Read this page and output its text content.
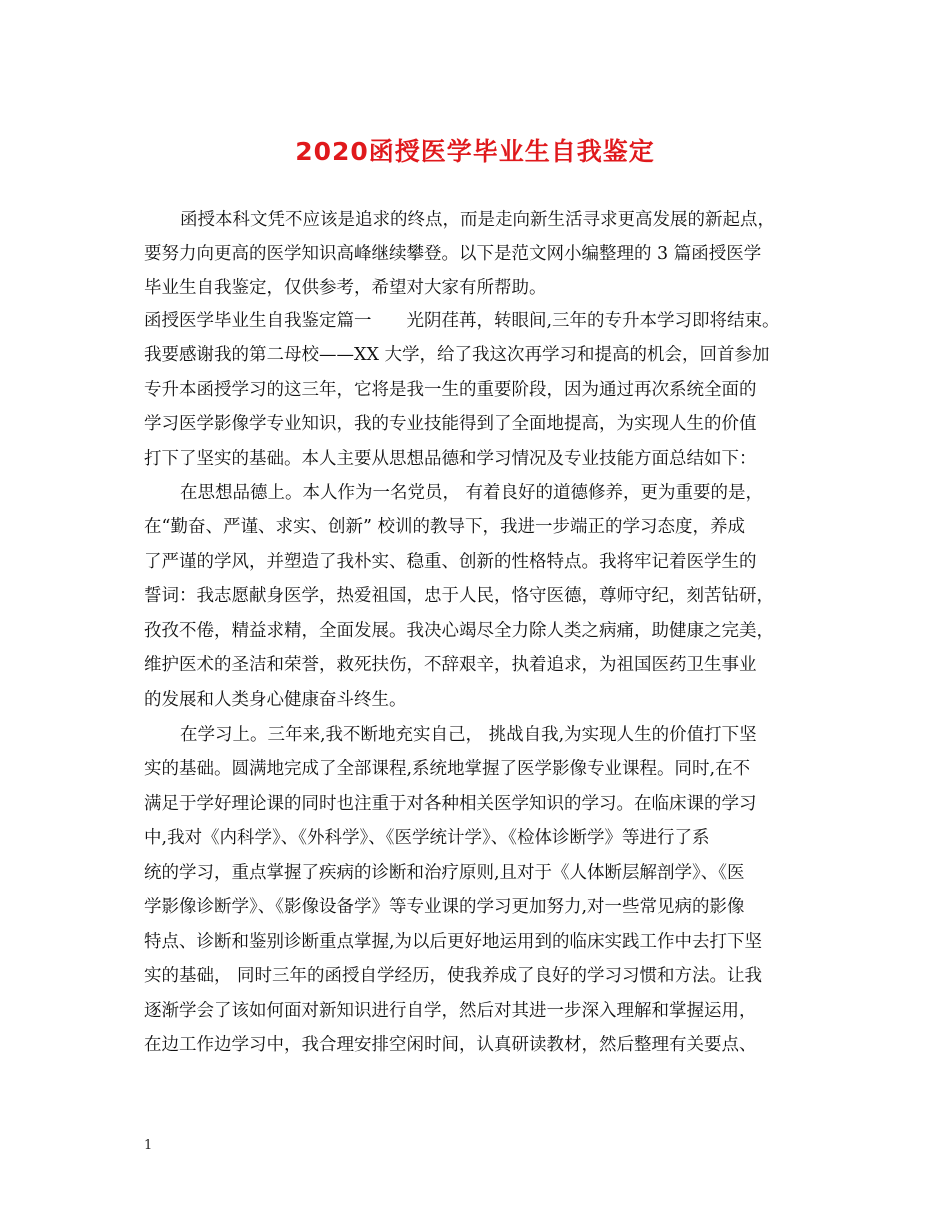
2020函授医学毕业生自我鉴定

函授本科文凭不应该是追求的终点，而是走向新生活寻求更高发展的新起点，

要努力向更高的医学知识高峰继续攀登。以下是范文网小编整理的 3 篇函授医学

毕业生自我鉴定，仅供参考，希望对大家有所帮助。

函授医学毕业生自我鉴定篇一　　光阴荏苒，转眼间,三年的专升本学习即将结束。

我要感谢我的第二母校——XX 大学，给了我这次再学习和提高的机会，回首参加

专升本函授学习的这三年，它将是我一生的重要阶段，因为通过再次系统全面的

学习医学影像学专业知识，我的专业技能得到了全面地提高，为实现人生的价值

打下了坚实的基础。本人主要从思想品德和学习情况及专业技能方面总结如下：

在思想品德上。本人作为一名党员， 有着良好的道德修养，更为重要的是，

在“勤奋、严谨、求实、创新” 校训的教导下，我进一步端正的学习态度，养成

了严谨的学风，并塑造了我朴实、稳重、创新的性格特点。我将牢记着医学生的

誓词：我志愿献身医学，热爱祖国，忠于人民，恪守医德，尊师守纪，刻苦钻研，

孜孜不倦，精益求精，全面发展。我决心竭尽全力除人类之病痛，助健康之完美，

维护医术的圣洁和荣誉，救死扶伤，不辞艰辛，执着追求，为祖国医药卫生事业

的发展和人类身心健康奋斗终生。

在学习上。三年来,我不断地充实自己， 挑战自我,为实现人生的价值打下坚

实的基础。圆满地完成了全部课程,系统地掌握了医学影像专业课程。同时,在不

满足于学好理论课的同时也注重于对各种相关医学知识的学习。在临床课的学习

中,我对《内科学》、《外科学》、《医学统计学》、《检体诊断学》等进行了系

统的学习，重点掌握了疾病的诊断和治疗原则,且对于《人体断层解剖学》、《医

学影像诊断学》、《影像设备学》等专业课的学习更加努力,对一些常见病的影像

特点、诊断和鉴别诊断重点掌握,为以后更好地运用到的临床实践工作中去打下坚

实的基础， 同时三年的函授自学经历，使我养成了良好的学习习惯和方法。让我

逐渐学会了该如何面对新知识进行自学，然后对其进一步深入理解和掌握运用，

在边工作边学习中，我合理安排空闲时间，认真研读教材，然后整理有关要点、

1
